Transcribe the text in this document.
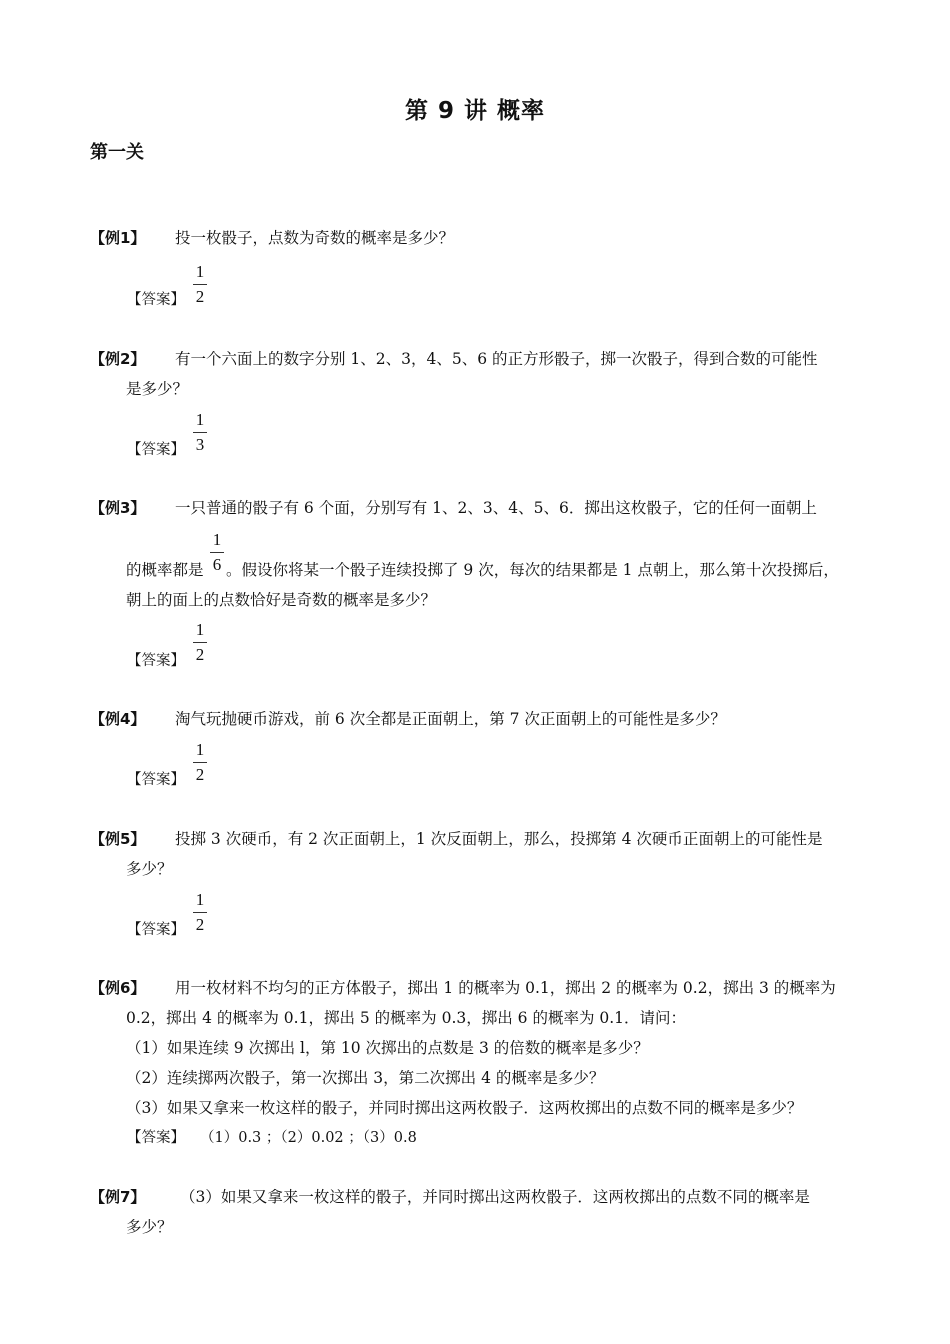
第 9 讲 概率
第一关
【例1】 投一枚骰子，点数为奇数的概率是多少？
【答案】
1
2
【例2】 有一个六面上的数字分别 1、2、3，4、5、6 的正方形骰子，掷一次骰子，得到合数的可能性
是多少？
【答案】
1
3
【例3】 一只普通的骰子有 6 个面，分别写有 1、2、3、4、5、6．掷出这枚骰子，它的任何一面朝上
的概率都是
1
6 。假设你将某一个骰子连续投掷了 9 次，每次的结果都是 1 点朝上，那么第十次投掷后，
朝上的面上的点数恰好是奇数的概率是多少？
【答案】
1
2
【例4】 淘气玩抛硬币游戏，前 6 次全都是正面朝上，第 7 次正面朝上的可能性是多少？
【答案】
1
2
【例5】 投掷 3 次硬币，有 2 次正面朝上，1 次反面朝上，那么，投掷第 4 次硬币正面朝上的可能性是
多少？
【答案】
1
2
【例6】 用一枚材料不均匀的正方体骰子，掷出 1 的概率为 0.1，掷出 2 的概率为 0.2，掷出 3 的概率为
0.2，掷出 4 的概率为 0.1，掷出 5 的概率为 0.3，掷出 6 的概率为 0.1．请问：
（1）如果连续 9 次掷出 l，第 10 次掷出的点数是 3 的倍数的概率是多少？
（2）连续掷两次骰子，第一次掷出 3，第二次掷出 4 的概率是多少？
（3）如果又拿来一枚这样的骰子，并同时掷出这两枚骰子．这两枚掷出的点数不同的概率是多少？
【答案】 （1）0.3 ；（2）0.02 ；（3）0.8
【例7】 （3）如果又拿来一枚这样的骰子，并同时掷出这两枚骰子．这两枚掷出的点数不同的概率是
多少？
